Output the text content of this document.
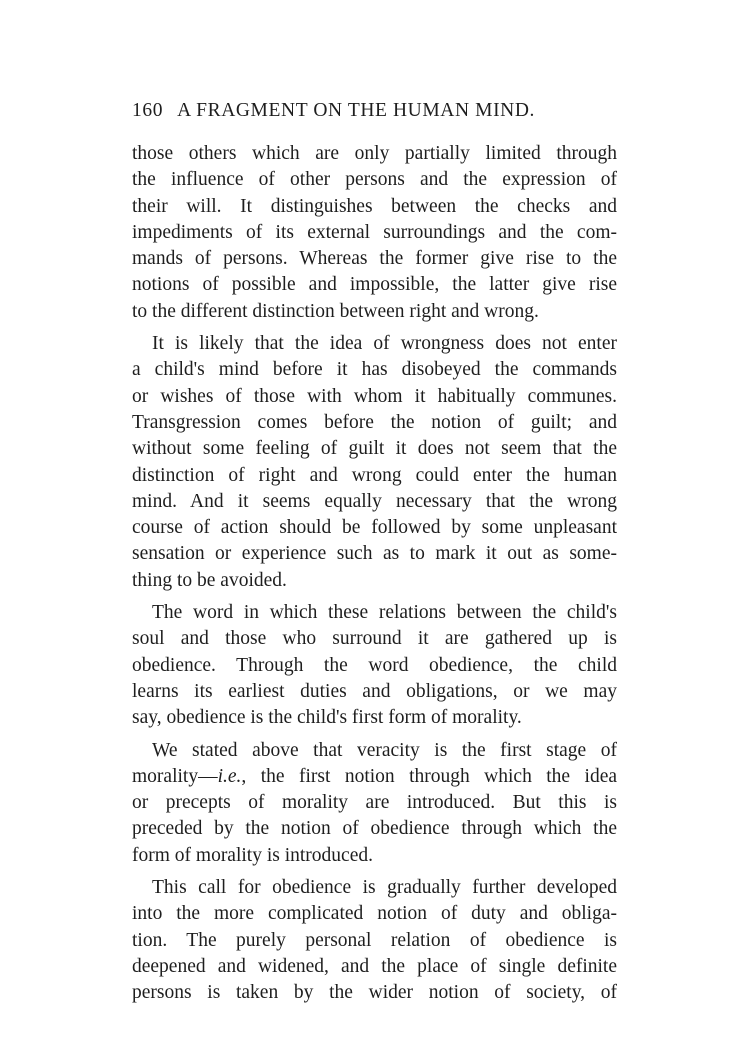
160 A FRAGMENT ON THE HUMAN MIND.
those others which are only partially limited through
the influence of other persons and the expression of
their will. It distinguishes between the checks and
impediments of its external surroundings and the com-
mands of persons. Whereas the former give rise to the
notions of possible and impossible, the latter give rise
to the different distinction between right and wrong.
It is likely that the idea of wrongness does not enter
a child's mind before it has disobeyed the commands
or wishes of those with whom it habitually communes.
Transgression comes before the notion of guilt; and
without some feeling of guilt it does not seem that the
distinction of right and wrong could enter the human
mind. And it seems equally necessary that the wrong
course of action should be followed by some unpleasant
sensation or experience such as to mark it out as some-
thing to be avoided.
The word in which these relations between the child's
soul and those who surround it are gathered up is
obedience. Through the word obedience, the child
learns its earliest duties and obligations, or we may
say, obedience is the child's first form of morality.
We stated above that veracity is the first stage of
morality—i.e., the first notion through which the idea
or precepts of morality are introduced. But this is
preceded by the notion of obedience through which the
form of morality is introduced.
This call for obedience is gradually further developed
into the more complicated notion of duty and obliga-
tion. The purely personal relation of obedience is
deepened and widened, and the place of single definite
persons is taken by the wider notion of society, of
